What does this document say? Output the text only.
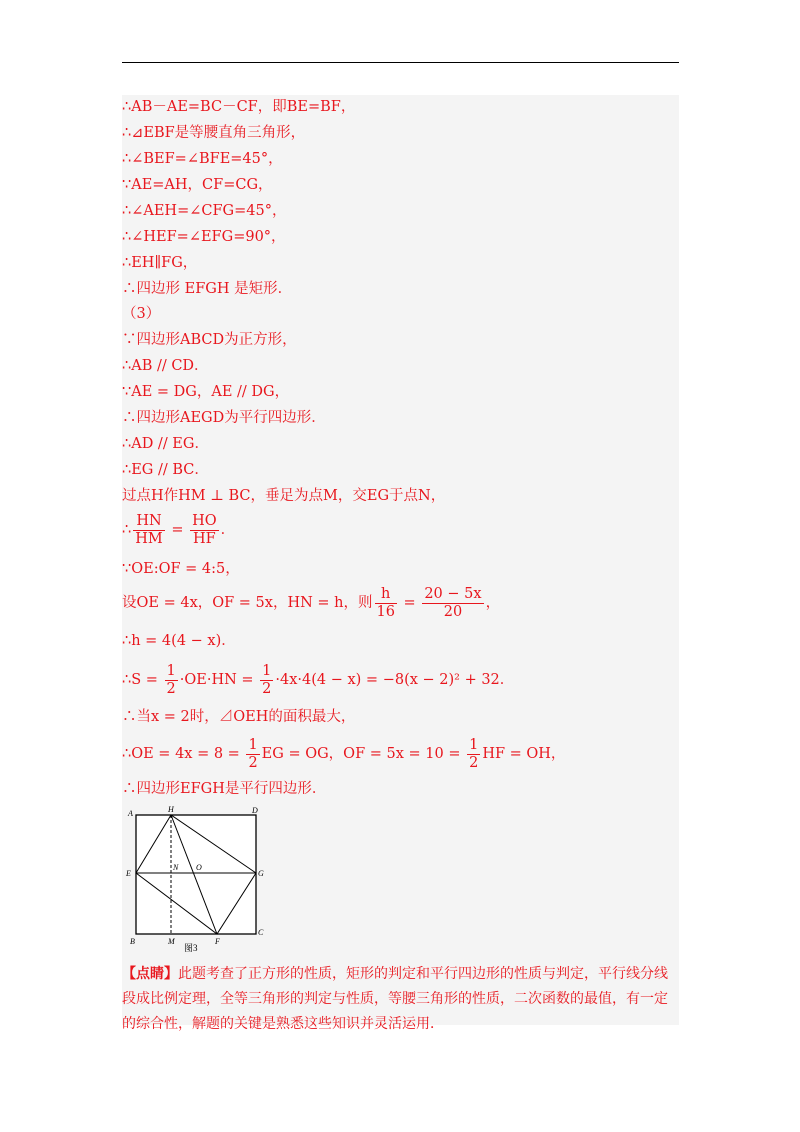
∴AB－AE=BC－CF，即BE=BF，
∴⊿EBF是等腰直角三角形，
∴∠BEF=∠BFE=45°，
∵AE=AH，CF=CG，
∴∠AEH=∠CFG=45°，
∴∠HEF=∠EFG=90°，
∴EH∥FG，
∴四边形 EFGH 是矩形．
（3）
∵四边形ABCD为正方形，
∴AB // CD．
∵AE = DG，AE // DG，
∴四边形AEGD为平行四边形．
∴AD // EG．
∴EG // BC．
过点H作HM ⊥ BC，垂足为点M，交EG于点N，
∴ $\frac{HN}{HM} = \frac{HO}{HF}$ ．
∵OE:OF = 4:5，
设OE = 4x，OF = 5x，HN = h，则 $\frac{h}{16} = \frac{20 - 5x}{20}$ ，
∴h = 4(4 − x)．
∴S = $\frac{1}{2} \cdot OE\cdot HN = \frac{1}{2} \cdot 4x\cdot 4(4 - x) = -8(x - 2)^2 + 32$．
∴当x = 2时，⊿OEH的面积最大，
∴OE = $4x = 8 = \frac{1}{2}$ EG = OG，OF = $5x = 10 = \frac{1}{2}$ HF = OH，
∴四边形EFGH是平行四边形．
A	H	D
E
N O
G
B	M	F
C
图3
【点睛】此题考查了正方形的性质，矩形的判定和平行四边形的性质与判定，平行线分线段成比例定理，全等三角形的判定与性质，等腰三角形的性质，二次函数的最值，有一定的综合性，解题的关键是熟悉这些知识并灵活运用．
